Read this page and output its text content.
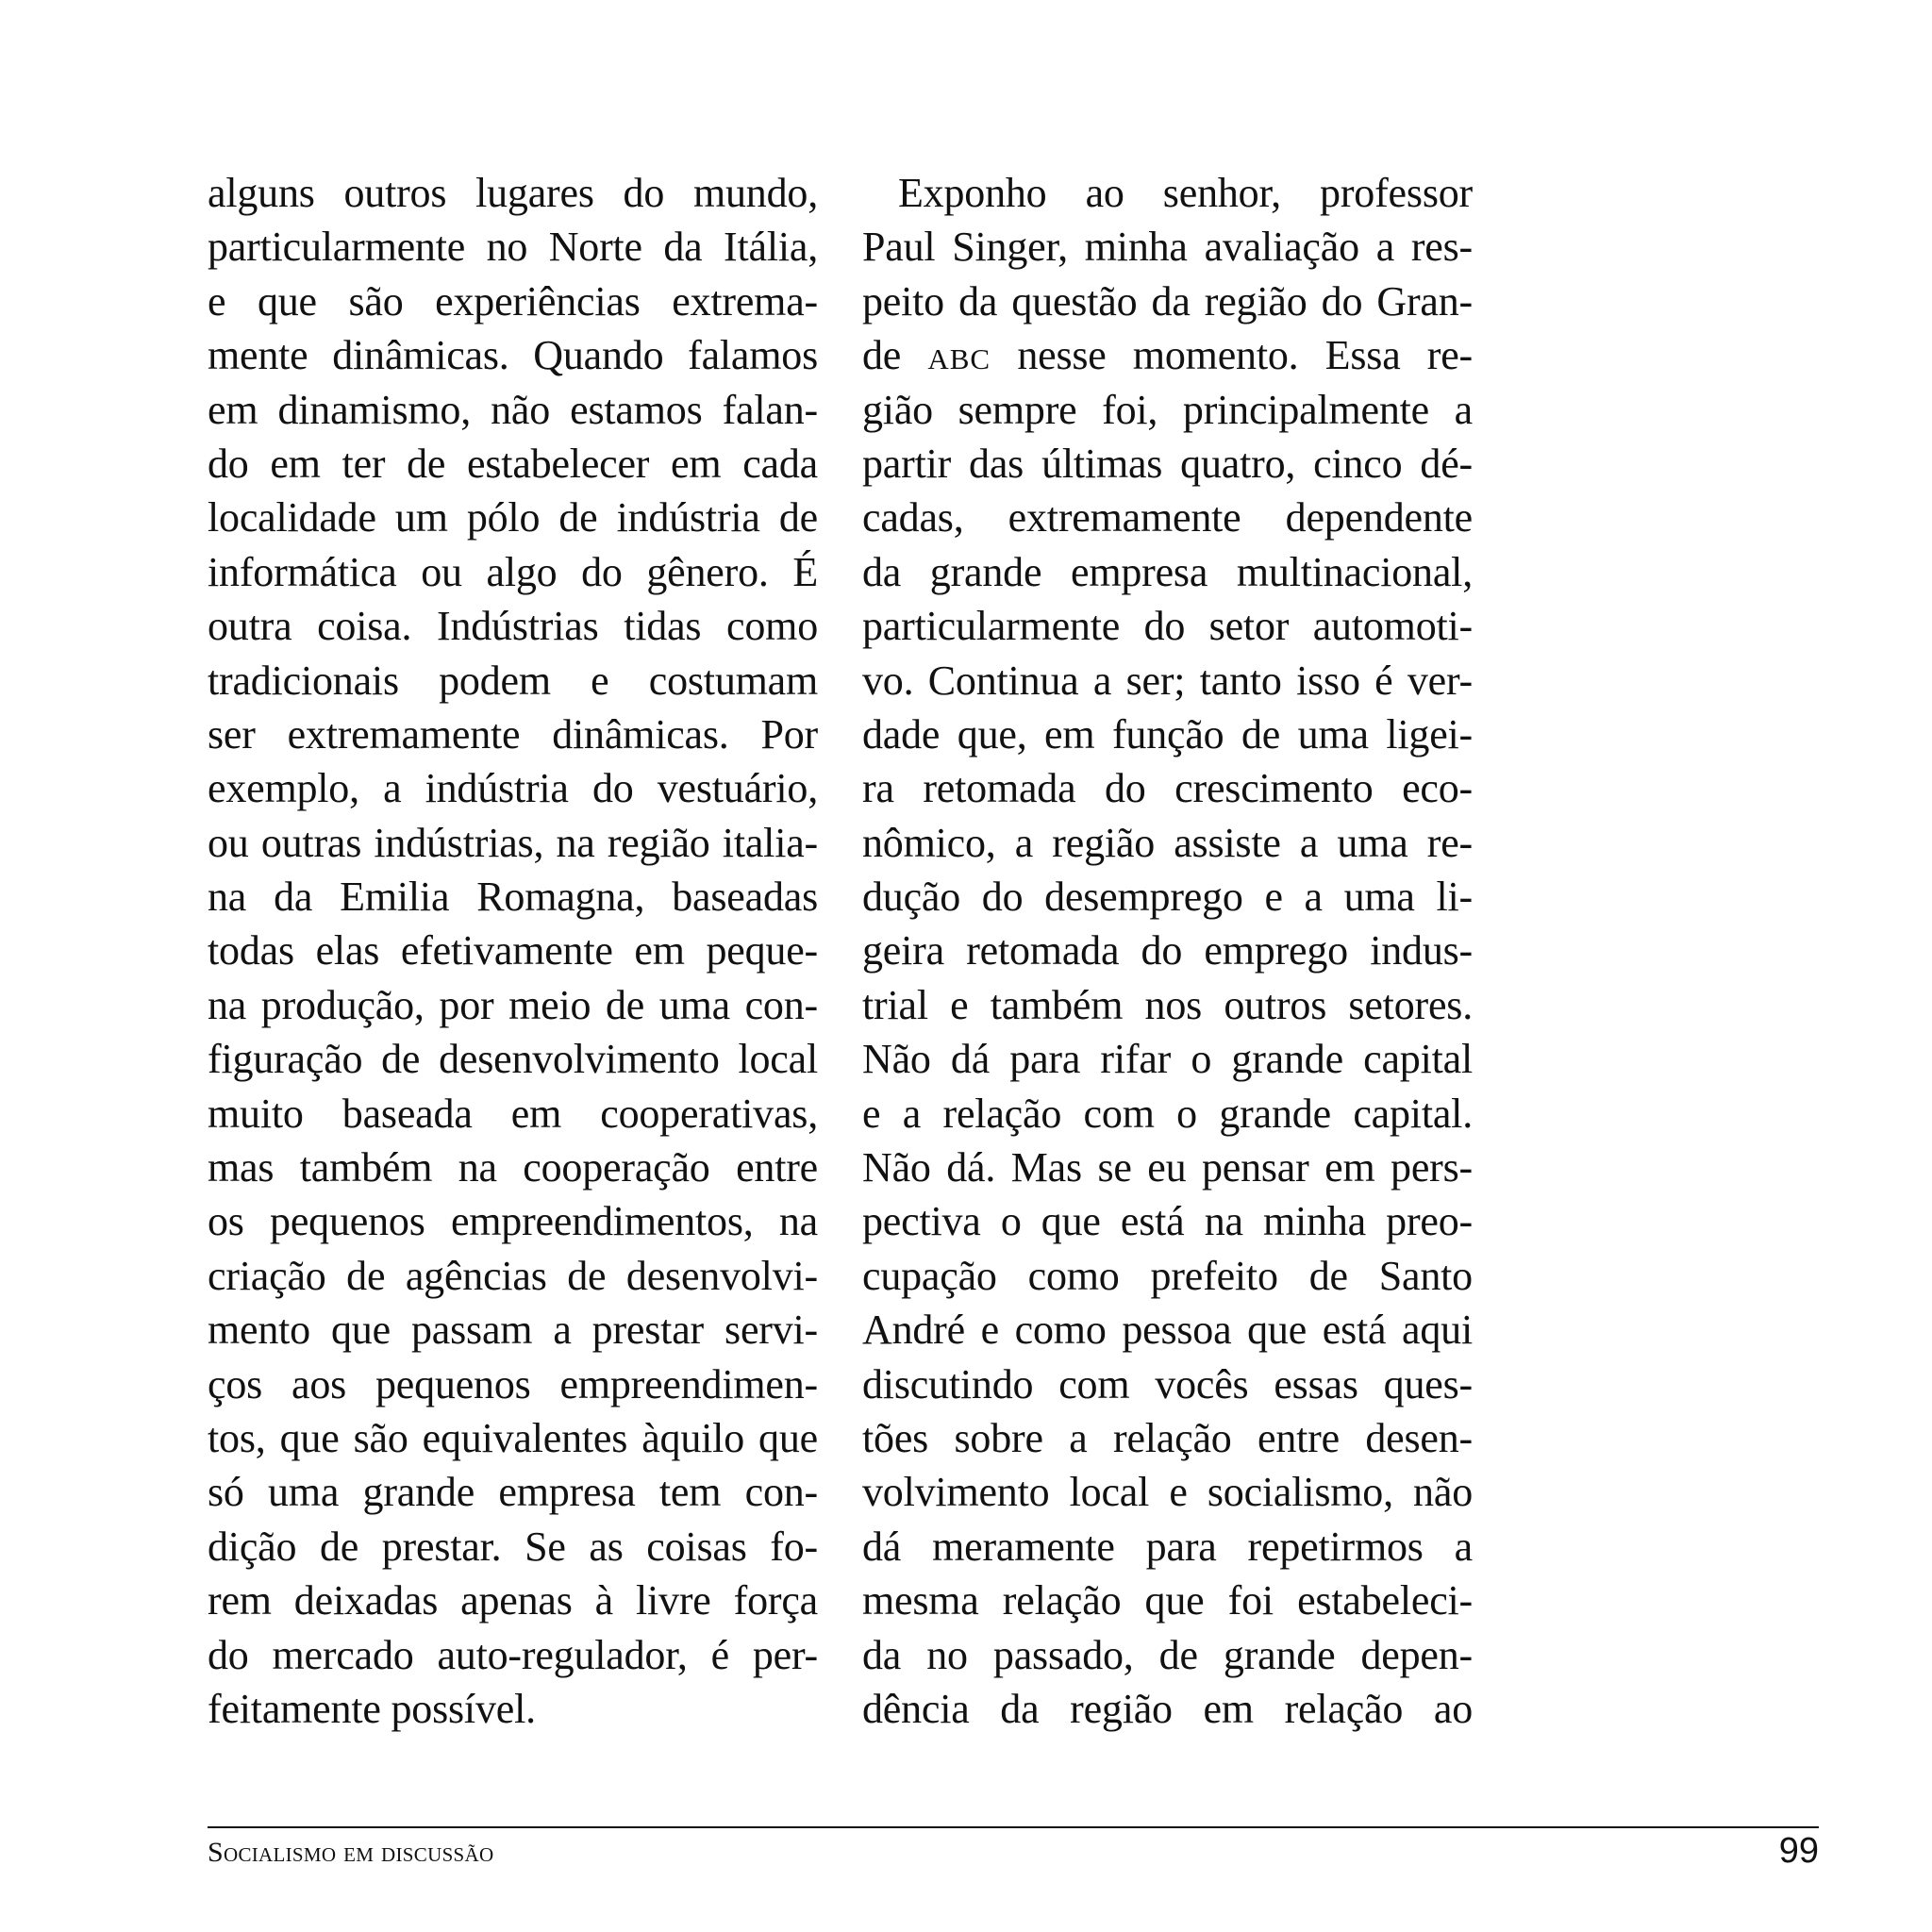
alguns outros lugares do mundo,
particularmente no Norte da Itália,
e que são experiências extrema-
mente dinâmicas. Quando falamos
em dinamismo, não estamos falan-
do em ter de estabelecer em cada
localidade um pólo de indústria de
informática ou algo do gênero. É
outra coisa. Indústrias tidas como
tradicionais podem e costumam
ser extremamente dinâmicas. Por
exemplo, a indústria do vestuário,
ou outras indústrias, na região italia-
na da Emilia Romagna, baseadas
todas elas efetivamente em peque-
na produção, por meio de uma con-
figuração de desenvolvimento local
muito baseada em cooperativas,
mas também na cooperação entre
os pequenos empreendimentos, na
criação de agências de desenvolvi-
mento que passam a prestar servi-
ços aos pequenos empreendimen-
tos, que são equivalentes àquilo que
só uma grande empresa tem con-
dição de prestar. Se as coisas fo-
rem deixadas apenas à livre força
do mercado auto-regulador, é per-
feitamente possível.
Exponho ao senhor, professor
Paul Singer, minha avaliação a res-
peito da questão da região do Gran-
de abc nesse momento. Essa re-
gião sempre foi, principalmente a
partir das últimas quatro, cinco dé-
cadas, extremamente dependente
da grande empresa multinacional,
particularmente do setor automoti-
vo. Continua a ser; tanto isso é ver-
dade que, em função de uma ligei-
ra retomada do crescimento eco-
nômico, a região assiste a uma re-
dução do desemprego e a uma li-
geira retomada do emprego indus-
trial e também nos outros setores.
Não dá para rifar o grande capital
e a relação com o grande capital.
Não dá. Mas se eu pensar em pers-
pectiva o que está na minha preo-
cupação como prefeito de Santo
André e como pessoa que está aqui
discutindo com vocês essas ques-
tões sobre a relação entre desen-
volvimento local e socialismo, não
dá meramente para repetirmos a
mesma relação que foi estabeleci-
da no passado, de grande depen-
dência da região em relação ao
Socialismo em discussão	99
